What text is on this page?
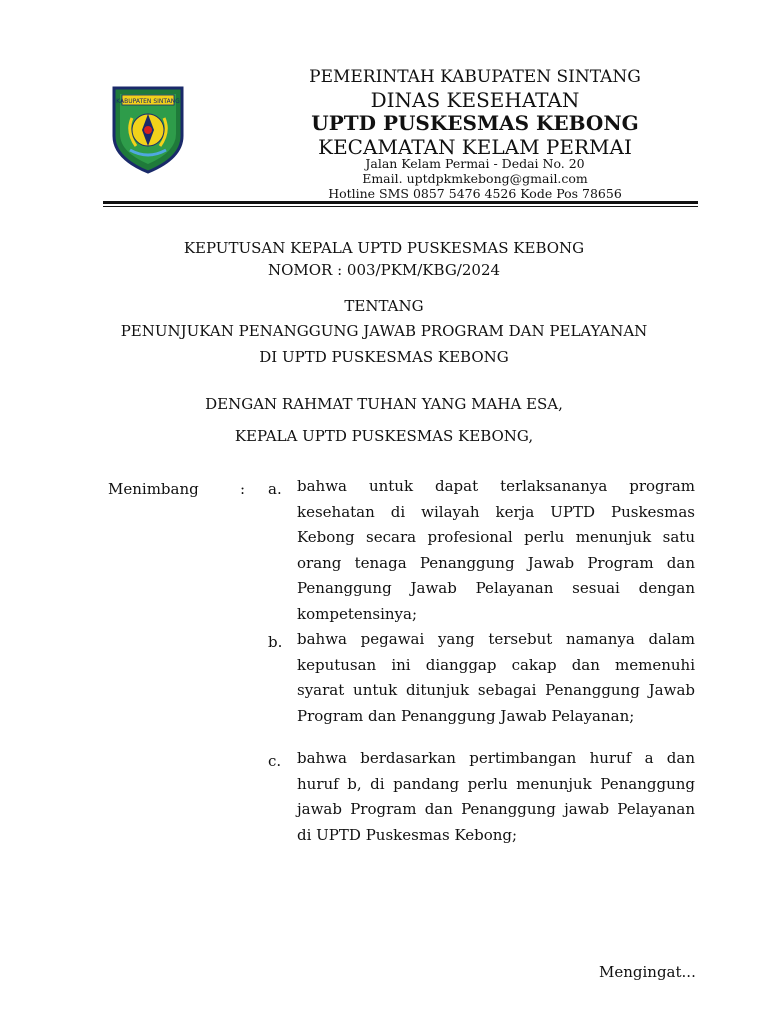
KABUPATEN SINTANG
PEMERINTAH KABUPATEN SINTANG
DINAS KESEHATAN
UPTD PUSKESMAS KEBONG
KECAMATAN KELAM PERMAI
Jalan Kelam Permai - Dedai No. 20
Email. uptdpkmkebong@gmail.com
Hotline SMS 0857 5476 4526 Kode Pos 78656
KEPUTUSAN KEPALA UPTD PUSKESMAS KEBONG
NOMOR : 003/PKM/KBG/2024
TENTANG
PENUNJUKAN PENANGGUNG JAWAB PROGRAM DAN PELAYANAN
DI UPTD PUSKESMAS KEBONG
DENGAN RAHMAT TUHAN YANG MAHA ESA,
KEPALA UPTD PUSKESMAS KEBONG,
Menimbang	: a. bahwa untuk dapat terlaksananya program kesehatan di wilayah kerja UPTD Puskesmas Kebong secara profesional perlu menunjuk satu orang tenaga Penanggung Jawab Program dan Penanggung Jawab Pelayanan sesuai dengan kompetensinya;
b. bahwa pegawai yang tersebut namanya dalam keputusan ini dianggap cakap dan memenuhi syarat untuk ditunjuk sebagai Penanggung Jawab Program dan Penanggung Jawab Pelayanan;
c. bahwa berdasarkan pertimbangan huruf a dan huruf b, di pandang perlu menunjuk Penanggung jawab Program dan Penanggung jawab Pelayanan di UPTD Puskesmas Kebong;
Mengingat...
